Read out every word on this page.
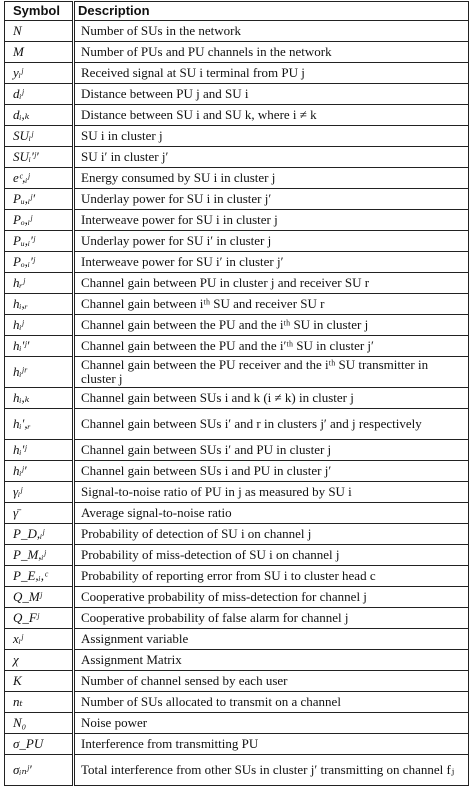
Symbol	Description
N	Number of SUs in the network
M	Number of PUs and PU channels in the network
yᵢʲ	Received signal at SU i terminal from PU j
dᵢʲ	Distance between PU j and SU i
dᵢ,ₖ	Distance between SU i and SU k, where i ≠ k
SUᵢʲ	SU i in cluster j
SUᵢ′ʲ′	SU i′ in cluster j′
eᶜ,ᵢʲ	Energy consumed by SU i in cluster j
Pᵤ,ᵢʲ′	Underlay power for SU i in cluster j′
Pₒ,ᵢʲ	Interweave power for SU i in cluster j
Pᵤ,ᵢ′ʲ	Underlay power for SU i′ in cluster j
Pₒ,ᵢ′ʲ	Interweave power for SU i′ in cluster j′
hᵣʲ	Channel gain between PU in cluster j and receiver SU r
hᵢ,ᵣ	Channel gain between iᵗʰ SU and receiver SU r
hᵢʲ	Channel gain between the PU and the iᵗʰ SU in cluster j
hᵢ′ʲ′	Channel gain between the PU and the i′ᵗʰ SU in cluster j′
hᵢʲʳ	Channel gain between the PU receiver and the iᵗʰ SU transmitter in cluster j
hᵢ,ₖ	Channel gain between SUs i and k (i ≠ k) in cluster j
hᵢ′,ᵣ	Channel gain between SUs i′ and r in clusters j′ and j respectively
hᵢ′ʲ	Channel gain between SUs i′ and PU in cluster j
hᵢʲ′	Channel gain between SUs i and PU in cluster j′
γᵢʲ	Signal-to-noise ratio of PU in j as measured by SU i
γ̄	Average signal-to-noise ratio
P_D,ᵢʲ	Probability of detection of SU i on channel j
P_M,ᵢʲ	Probability of miss-detection of SU i on channel j
P_E,ᵢ,ᶜ	Probability of reporting error from SU i to cluster head c
Q_Mʲ	Cooperative probability of miss-detection for channel j
Q_Fʲ	Cooperative probability of false alarm for channel j
xᵢʲ	Assignment variable
χ	Assignment Matrix
K	Number of channel sensed by each user
nₜ	Number of SUs allocated to transmit on a channel
N₀	Noise power
σ_PU	Interference from transmitting PU
σᵢₙʲ′	Total interference from other SUs in cluster j′ transmitting on channel fⱼ
